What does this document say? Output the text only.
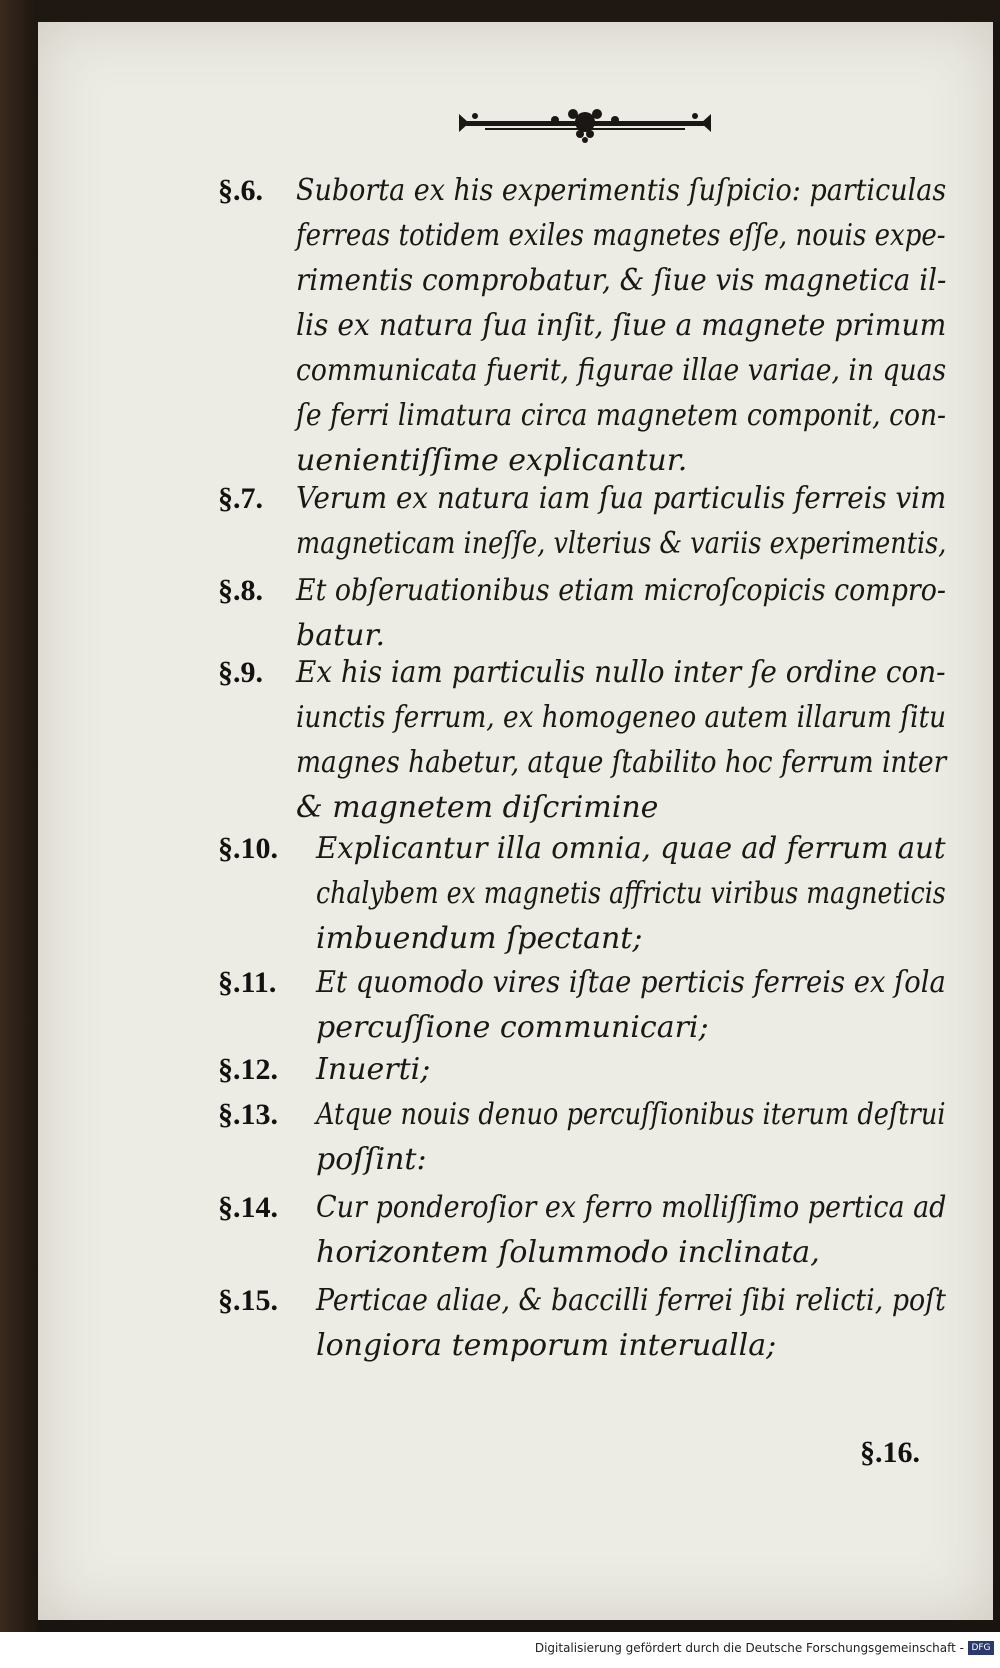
§.6. Suborta ex his experimentis ſuſpicio: particulas
ferreas totidem exiles magnetes eſſe, nouis expe-
rimentis comprobatur, & ſiue vis magnetica il-
lis ex natura ſua inſit, ſiue a magnete primum
communicata fuerit, figurae illae variae, in quas
ſe ferri limatura circa magnetem componit, con-
uenientiſſime explicantur.
§.7. Verum ex natura iam ſua particulis ferreis vim
magneticam ineſſe, vlterius & variis experimentis,
§.8. Et obſeruationibus etiam microſcopicis compro-
batur.
§.9. Ex his iam particulis nullo inter ſe ordine con-
iunctis ferrum, ex homogeneo autem illarum ſitu
magnes habetur, atque ſtabilito hoc ferrum inter
& magnetem diſcrimine
§.10. Explicantur illa omnia, quae ad ferrum aut
chalybem ex magnetis affrictu viribus magneticis
imbuendum ſpectant;
§.11. Et quomodo vires iſtae perticis ferreis ex ſola
percuſſione communicari;
§.12. Inuerti;
§.13. Atque nouis denuo percuſſionibus iterum deſtrui
poſſint:
§.14. Cur ponderoſior ex ferro molliſſimo pertica ad
horizontem ſolummodo inclinata,
§.15. Perticae aliae, & baccilli ferrei ſibi relicti, poſt
longiora temporum interualla;
§.16.
Digitalisierung gefördert durch die Deutsche Forschungsgemeinschaft - DFG
